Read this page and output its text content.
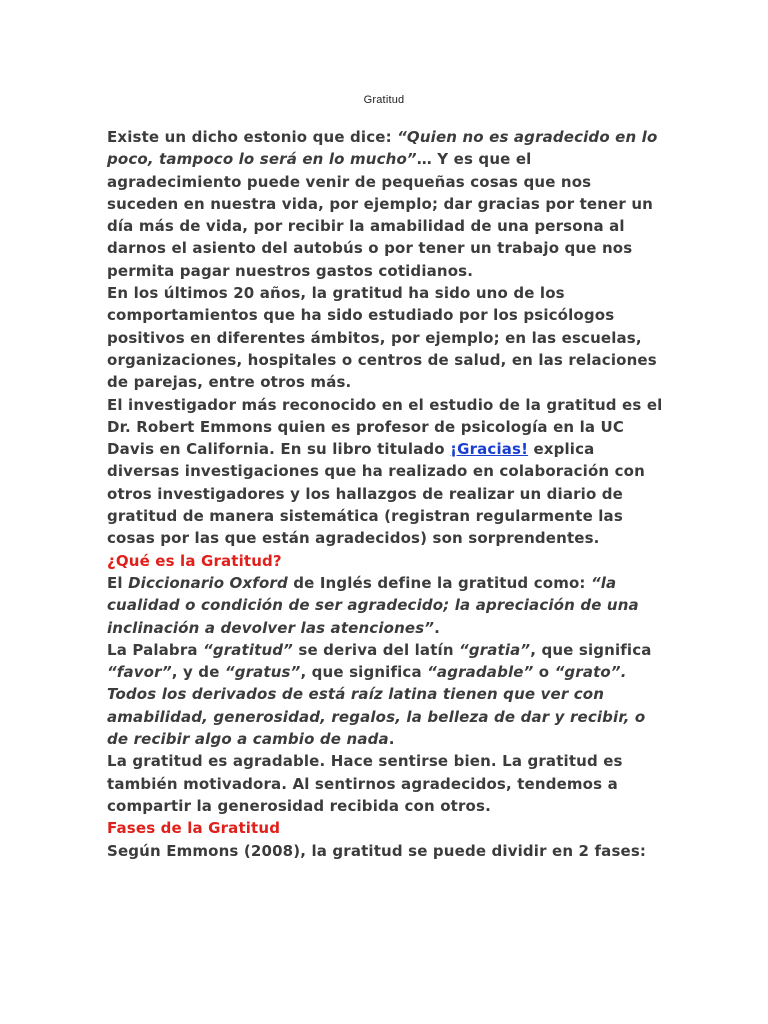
Gratitud

Existe un dicho estonio que dice: “Quien no es agradecido en lo poco, tampoco lo será en lo mucho”… Y es que el agradecimiento puede venir de pequeñas cosas que nos suceden en nuestra vida, por ejemplo; dar gracias por tener un día más de vida, por recibir la amabilidad de una persona al darnos el asiento del autobús o por tener un trabajo que nos permita pagar nuestros gastos cotidianos.

En los últimos 20 años, la gratitud ha sido uno de los comportamientos que ha sido estudiado por los psicólogos positivos en diferentes ámbitos, por ejemplo; en las escuelas, organizaciones, hospitales o centros de salud, en las relaciones de parejas, entre otros más.

El investigador más reconocido en el estudio de la gratitud es el Dr. Robert Emmons quien es profesor de psicología en la UC Davis en California. En su libro titulado ¡Gracias! explica diversas investigaciones que ha realizado en colaboración con otros investigadores y los hallazgos de realizar un diario de gratitud de manera sistemática (registran regularmente las cosas por las que están agradecidos) son sorprendentes.

¿Qué es la Gratitud?

El Diccionario Oxford de Inglés define la gratitud como: “la cualidad o condición de ser agradecido; la apreciación de una inclinación a devolver las atenciones”.

La Palabra “gratitud” se deriva del latín “gratia”, que significa “favor”, y de “gratus”, que significa “agradable” o “grato”. Todos los derivados de está raíz latina tienen que ver con amabilidad, generosidad, regalos, la belleza de dar y recibir, o de recibir algo a cambio de nada.

La gratitud es agradable. Hace sentirse bien. La gratitud es también motivadora. Al sentirnos agradecidos, tendemos a compartir la generosidad recibida con otros.

Fases de la Gratitud

Según Emmons (2008), la gratitud se puede dividir en 2 fases:
